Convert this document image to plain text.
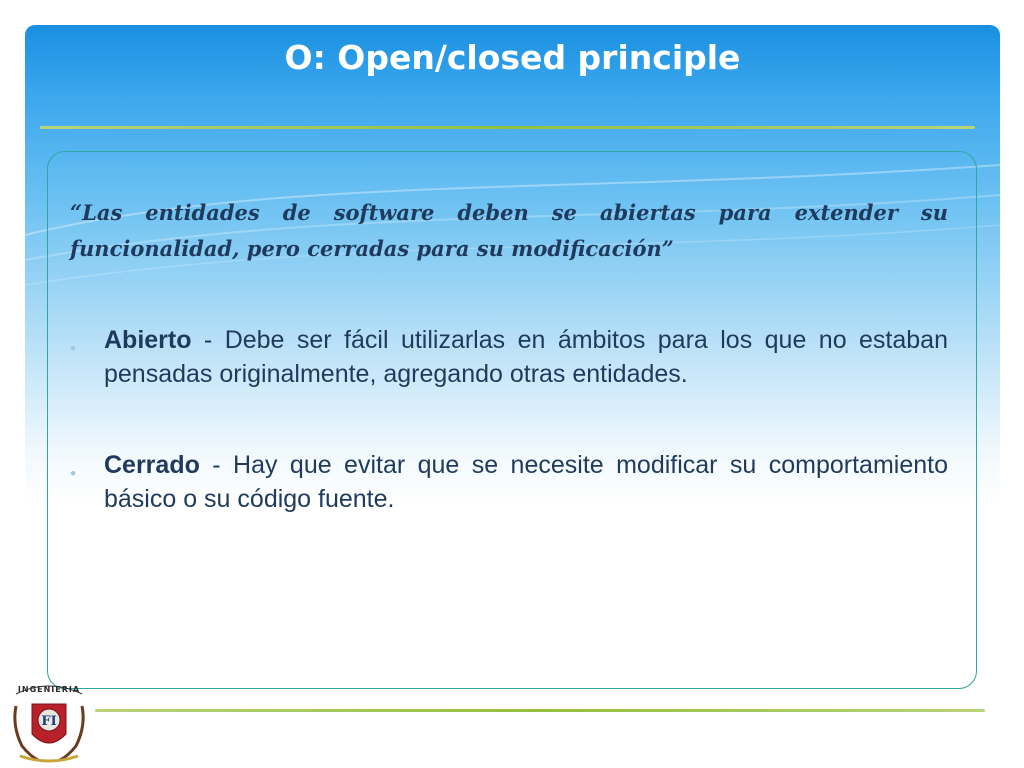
O: Open/closed principle
“Las entidades de software deben se abiertas para extender su funcionalidad, pero cerradas para su modificación”
● Abierto - Debe ser fácil utilizarlas en ámbitos para los que no estaban pensadas originalmente, agregando otras entidades.
● Cerrado - Hay que evitar que se necesite modificar su comportamiento básico o su código fuente.
INGENIERIA
FI
